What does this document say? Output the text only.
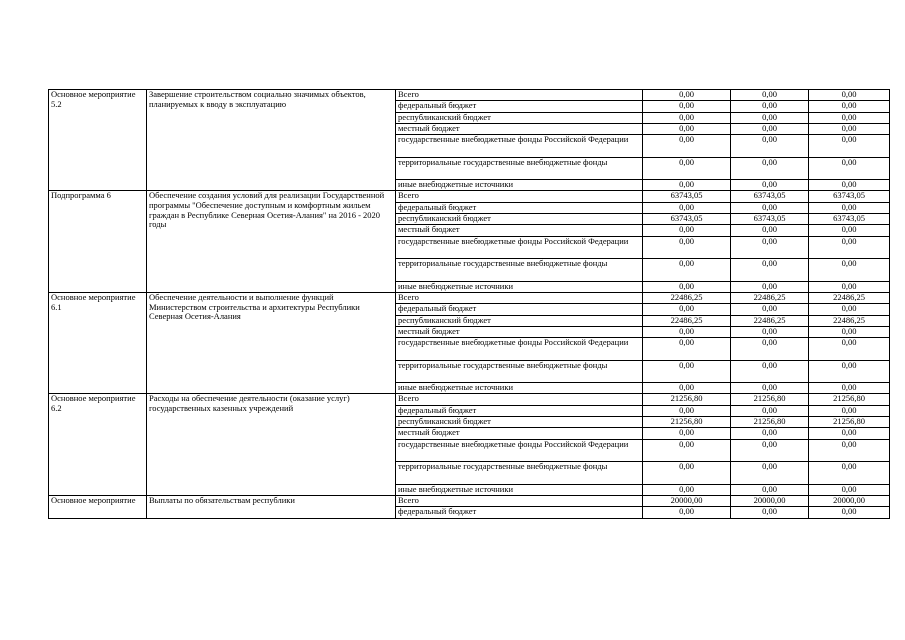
Основное мероприятие 5.2	Завершение строительством социально значимых объектов, планируемых к вводу в эксплуатацию	Всего	0,00	0,00	0,00
		федеральный бюджет	0,00	0,00	0,00
		республиканский бюджет	0,00	0,00	0,00
		местный бюджет	0,00	0,00	0,00
		государственные внебюджетные фонды Российской Федерации	0,00	0,00	0,00
		территориальные государственные внебюджетные фонды	0,00	0,00	0,00
		иные внебюджетные источники	0,00	0,00	0,00
Подпрограмма 6	Обеспечение создания условий для реализации Государственной программы "Обеспечение доступным и комфортным жильем граждан в Республике Северная Осетия-Алания" на 2016 - 2020 годы	Всего	63743,05	63743,05	63743,05
		федеральный бюджет	0,00	0,00	0,00
		республиканский бюджет	63743,05	63743,05	63743,05
		местный бюджет	0,00	0,00	0,00
		государственные внебюджетные фонды Российской Федерации	0,00	0,00	0,00
		территориальные государственные внебюджетные фонды	0,00	0,00	0,00
		иные внебюджетные источники	0,00	0,00	0,00
Основное мероприятие 6.1	Обеспечение деятельности и выполнение функций Министерством строительства и архитектуры Республики Северная Осетия-Алания	Всего	22486,25	22486,25	22486,25
		федеральный бюджет	0,00	0,00	0,00
		республиканский бюджет	22486,25	22486,25	22486,25
		местный бюджет	0,00	0,00	0,00
		государственные внебюджетные фонды Российской Федерации	0,00	0,00	0,00
		территориальные государственные внебюджетные фонды	0,00	0,00	0,00
		иные внебюджетные источники	0,00	0,00	0,00
Основное мероприятие 6.2	Расходы на обеспечение деятельности (оказание услуг) государственных казенных учреждений	Всего	21256,80	21256,80	21256,80
		федеральный бюджет	0,00	0,00	0,00
		республиканский бюджет	21256,80	21256,80	21256,80
		местный бюджет	0,00	0,00	0,00
		государственные внебюджетные фонды Российской Федерации	0,00	0,00	0,00
		территориальные государственные внебюджетные фонды	0,00	0,00	0,00
		иные внебюджетные источники	0,00	0,00	0,00
Основное мероприятие	Выплаты по обязательствам республики	Всего	20000,00	20000,00	20000,00
		федеральный бюджет	0,00	0,00	0,00
